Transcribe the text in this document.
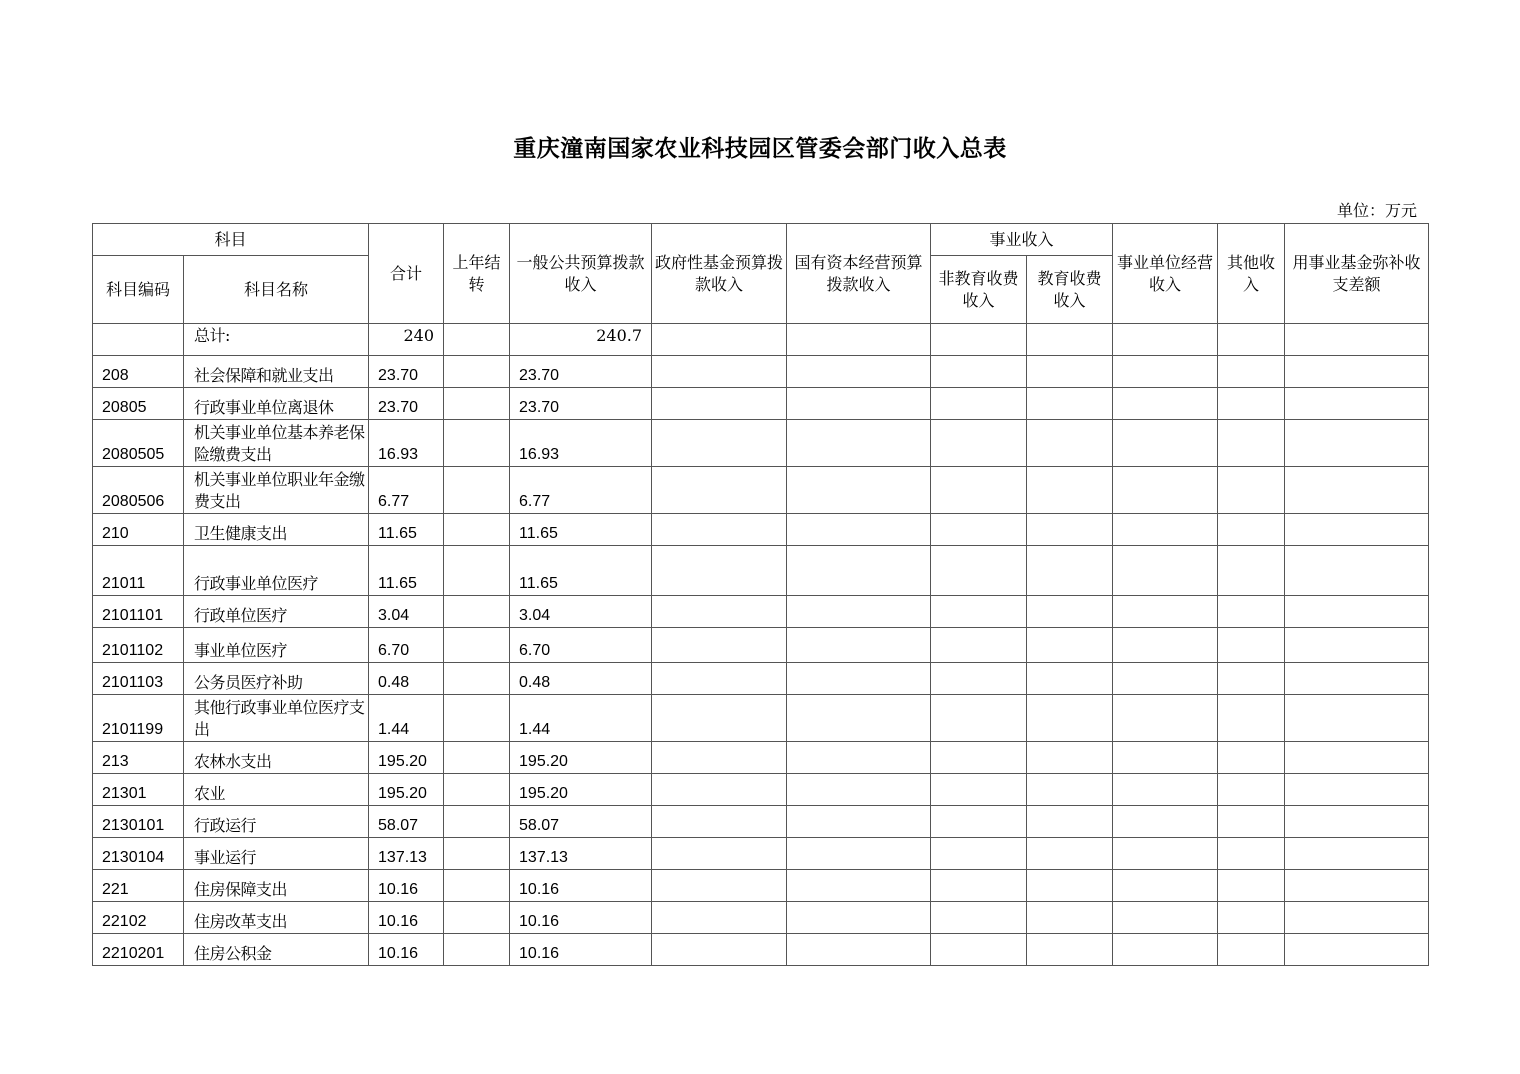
重庆潼南国家农业科技园区管委会部门收入总表
单位：万元
科目		合计	上年结转	一般公共预算拨款收入	政府性基金预算拨款收入	国有资本经营预算拨款收入	事业收入		事业单位经营收入	其他收入	用事业基金弥补收支差额
科目编码	科目名称						非教育收费收入	教育收费收入			
	总计:	240		240.7							
208	社会保障和就业支出	23.70		23.70							
20805	行政事业单位离退休	23.70		23.70							
2080505	机关事业单位基本养老保险缴费支出	16.93		16.93							
2080506	机关事业单位职业年金缴费支出	6.77		6.77							
210	卫生健康支出	11.65		11.65							
21011	行政事业单位医疗	11.65		11.65							
2101101	行政单位医疗	3.04		3.04							
2101102	事业单位医疗	6.70		6.70							
2101103	公务员医疗补助	0.48		0.48							
2101199	其他行政事业单位医疗支出	1.44		1.44							
213	农林水支出	195.20		195.20							
21301	农业	195.20		195.20							
2130101	行政运行	58.07		58.07							
2130104	事业运行	137.13		137.13							
221	住房保障支出	10.16		10.16							
22102	住房改革支出	10.16		10.16							
2210201	住房公积金	10.16		10.16							
